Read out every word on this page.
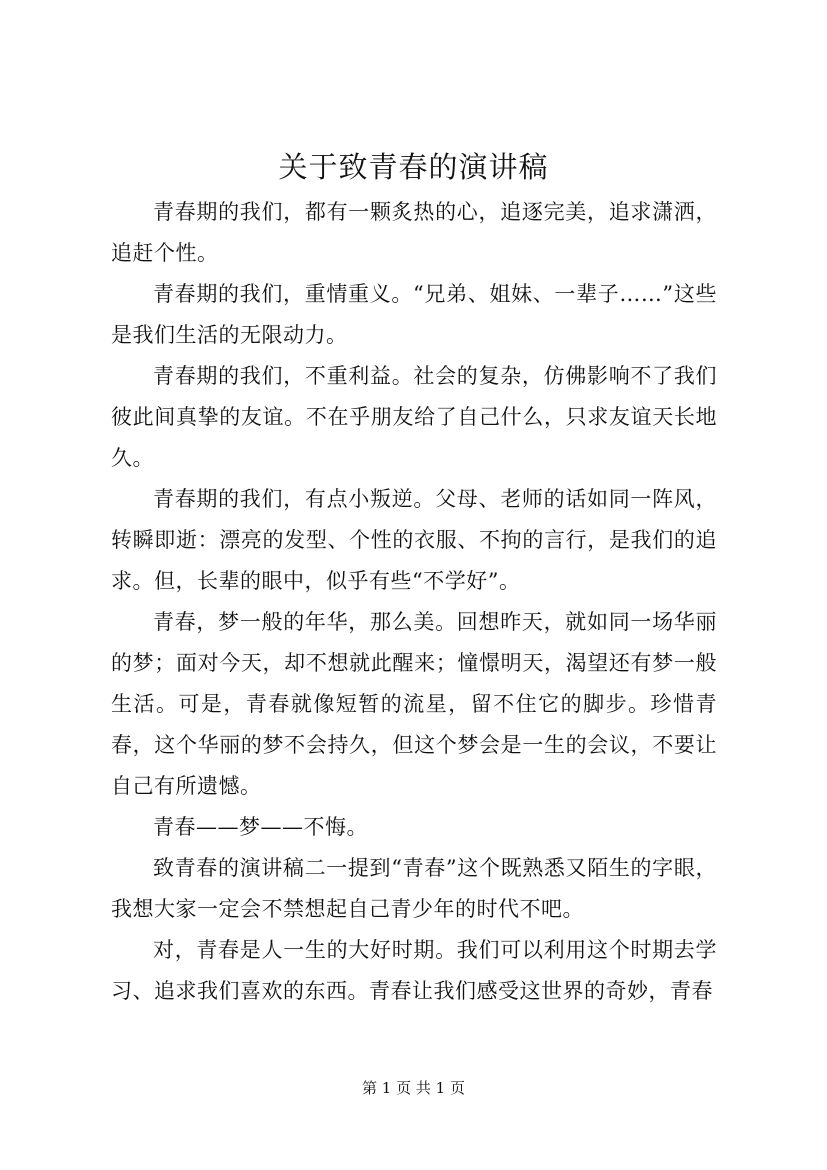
关于致青春的演讲稿

青春期的我们，都有一颗炙热的心，追逐完美，追求潇洒，追赶个性。

青春期的我们，重情重义。“兄弟、姐妹、一辈子……”这些是我们生活的无限动力。

青春期的我们，不重利益。社会的复杂，仿佛影响不了我们彼此间真挚的友谊。不在乎朋友给了自己什么，只求友谊天长地久。

青春期的我们，有点小叛逆。父母、老师的话如同一阵风，转瞬即逝：漂亮的发型、个性的衣服、不拘的言行，是我们的追求。但，长辈的眼中，似乎有些“不学好”。

青春，梦一般的年华，那么美。回想昨天，就如同一场华丽的梦；面对今天，却不想就此醒来；憧憬明天，渴望还有梦一般生活。可是，青春就像短暂的流星，留不住它的脚步。珍惜青春，这个华丽的梦不会持久，但这个梦会是一生的会议，不要让自己有所遗憾。

青春——梦——不悔。

致青春的演讲稿二一提到“青春”这个既熟悉又陌生的字眼，我想大家一定会不禁想起自己青少年的时代不吧。

对，青春是人一生的大好时期。我们可以利用这个时期去学习、追求我们喜欢的东西。青春让我们感受这世界的奇妙，青春

第 1 页 共 1 页
